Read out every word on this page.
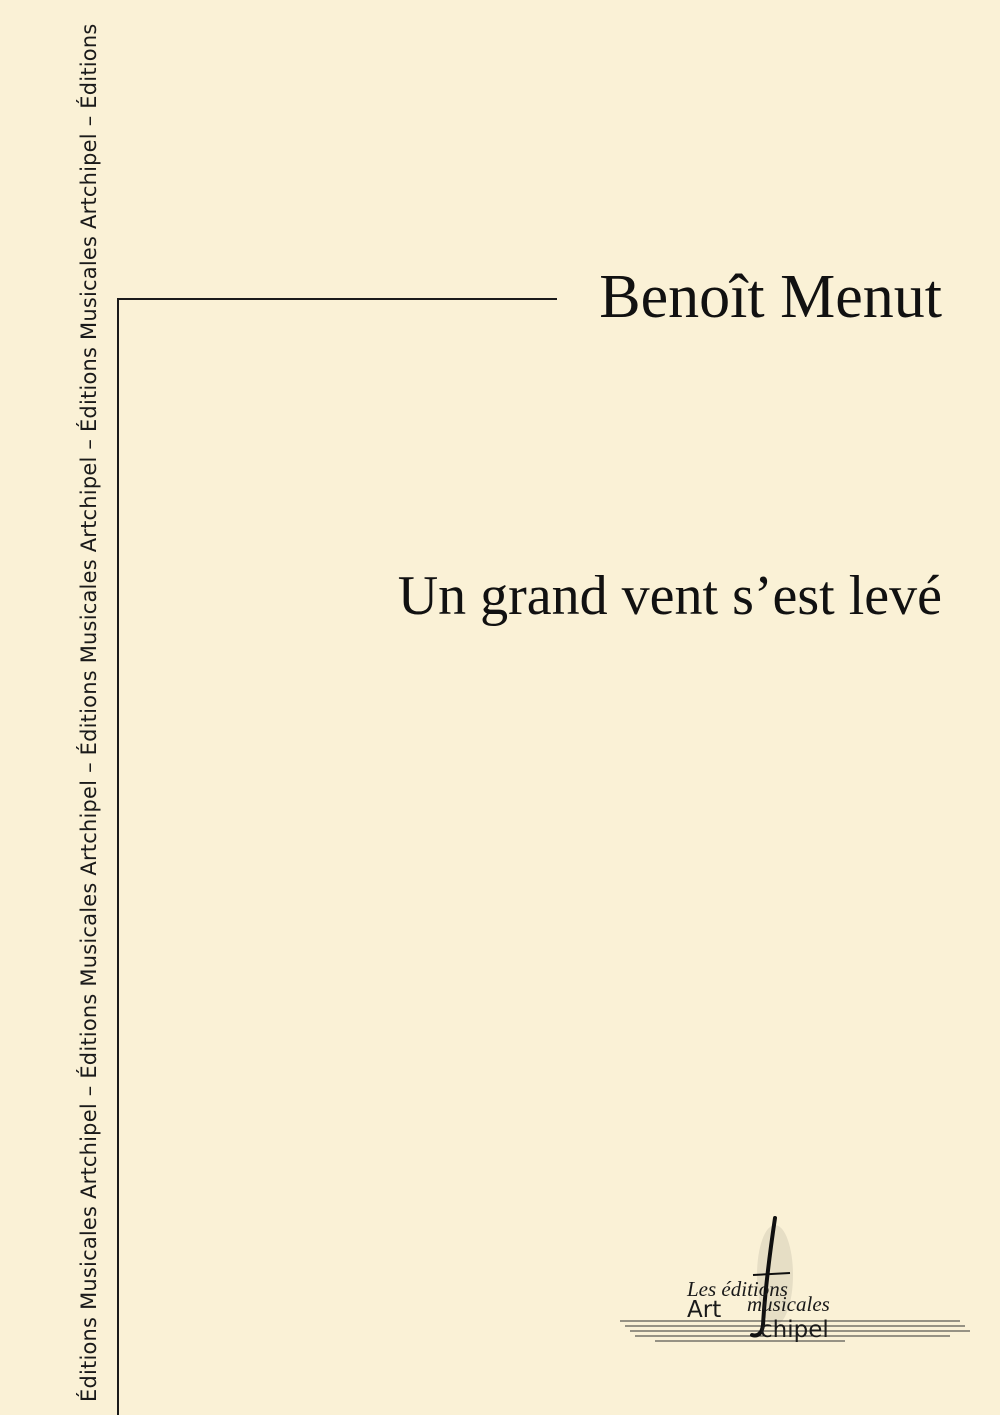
Éditions Musicales Artchipel – Éditions Musicales Artchipel – Éditions Musicales Artchipel – Éditions Musicales Artchipel – Éditions	Benoît Menut
Un grand vent s’est levé
Les éditions
musicales
Art
chipel
